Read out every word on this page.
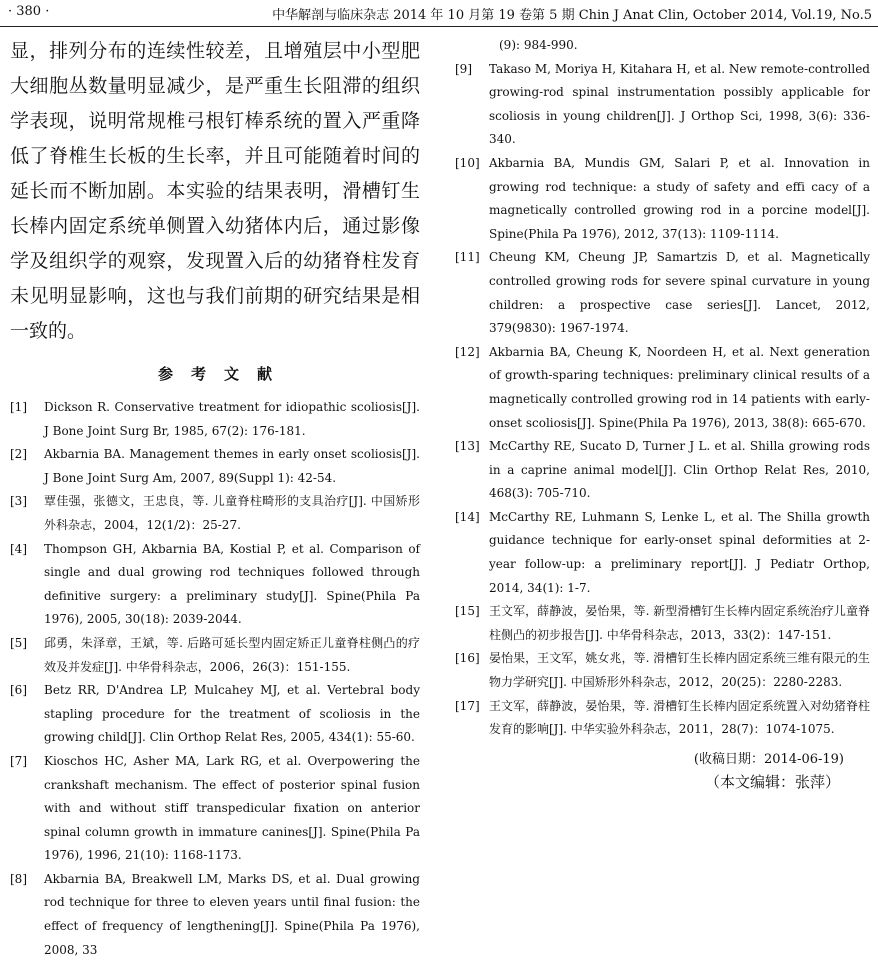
· 380 ·	中华解剖与临床杂志 2014 年 10 月第 19 卷第 5 期 Chin J Anat Clin, October 2014, Vol.19, No.5

显，排列分布的连续性较差，且增殖层中小型肥大细胞丛数量明显减少，是严重生长阻滞的组织学表现，说明常规椎弓根钉棒系统的置入严重降低了脊椎生长板的生长率，并且可能随着时间的延长而不断加剧。本实验的结果表明，滑槽钉生长棒内固定系统单侧置入幼猪体内后，通过影像学及组织学的观察，发现置入后的幼猪脊柱发育未见明显影响，这也与我们前期的研究结果是相一致的。

参考文献

[1] Dickson R. Conservative treatment for idiopathic scoliosis[J]. J Bone Joint Surg Br, 1985, 67(2): 176-181.

[2] Akbarnia BA. Management themes in early onset scoliosis[J]. J Bone Joint Surg Am, 2007, 89(Suppl 1): 42-54.

[3] 覃佳强，张德文，王忠良，等. 儿童脊柱畸形的支具治疗[J]. 中国矫形外科杂志，2004，12(1/2)：25-27.

[4] Thompson GH, Akbarnia BA, Kostial P, et al. Comparison of single and dual growing rod techniques followed through definitive surgery: a preliminary study[J]. Spine(Phila Pa 1976), 2005, 30(18): 2039-2044.

[5] 邱勇，朱泽章，王斌，等. 后路可延长型内固定矫正儿童脊柱侧凸的疗效及并发症[J]. 中华骨科杂志，2006，26(3)：151-155.

[6] Betz RR, D'Andrea LP, Mulcahey MJ, et al. Vertebral body stapling procedure for the treatment of scoliosis in the growing child[J]. Clin Orthop Relat Res, 2005, 434(1): 55-60.

[7] Kioschos HC, Asher MA, Lark RG, et al. Overpowering the crankshaft mechanism. The effect of posterior spinal fusion with and without stiff transpedicular fixation on anterior spinal column growth in immature canines[J]. Spine(Phila Pa 1976), 1996, 21(10): 1168-1173.

[8] Akbarnia BA, Breakwell LM, Marks DS, et al. Dual growing rod technique for three to eleven years until final fusion: the effect of frequency of lengthening[J]. Spine(Phila Pa 1976), 2008, 33

(9): 984-990.

[9] Takaso M, Moriya H, Kitahara H, et al. New remote-controlled growing-rod spinal instrumentation possibly applicable for scoliosis in young children[J]. J Orthop Sci, 1998, 3(6): 336-340.

[10] Akbarnia BA, Mundis GM, Salari P, et al. Innovation in growing rod technique: a study of safety and effi cacy of a magnetically controlled growing rod in a porcine model[J]. Spine(Phila Pa 1976), 2012, 37(13): 1109-1114.

[11] Cheung KM, Cheung JP, Samartzis D, et al. Magnetically controlled growing rods for severe spinal curvature in young children: a prospective case series[J]. Lancet, 2012, 379(9830): 1967-1974.

[12] Akbarnia BA, Cheung K, Noordeen H, et al. Next generation of growth-sparing techniques: preliminary clinical results of a magnetically controlled growing rod in 14 patients with early-onset scoliosis[J]. Spine(Phila Pa 1976), 2013, 38(8): 665-670.

[13] McCarthy RE, Sucato D, Turner J L. et al. Shilla growing rods in a caprine animal model[J]. Clin Orthop Relat Res, 2010, 468(3): 705-710.

[14] McCarthy RE, Luhmann S, Lenke L, et al. The Shilla growth guidance technique for early-onset spinal deformities at 2-year follow-up: a preliminary report[J]. J Pediatr Orthop, 2014, 34(1): 1-7.

[15] 王文军，薛静波，晏怡果，等. 新型滑槽钉生长棒内固定系统治疗儿童脊柱侧凸的初步报告[J]. 中华骨科杂志，2013，33(2)：147-151.

[16] 晏怡果，王文军，姚女兆，等. 滑槽钉生长棒内固定系统三维有限元的生物力学研究[J]. 中国矫形外科杂志，2012，20(25)：2280-2283.

[17] 王文军，薛静波，晏怡果，等. 滑槽钉生长棒内固定系统置入对幼猪脊柱发育的影响[J]. 中华实验外科杂志，2011，28(7)：1074-1075.

(收稿日期：2014-06-19)
（本文编辑：张萍）
